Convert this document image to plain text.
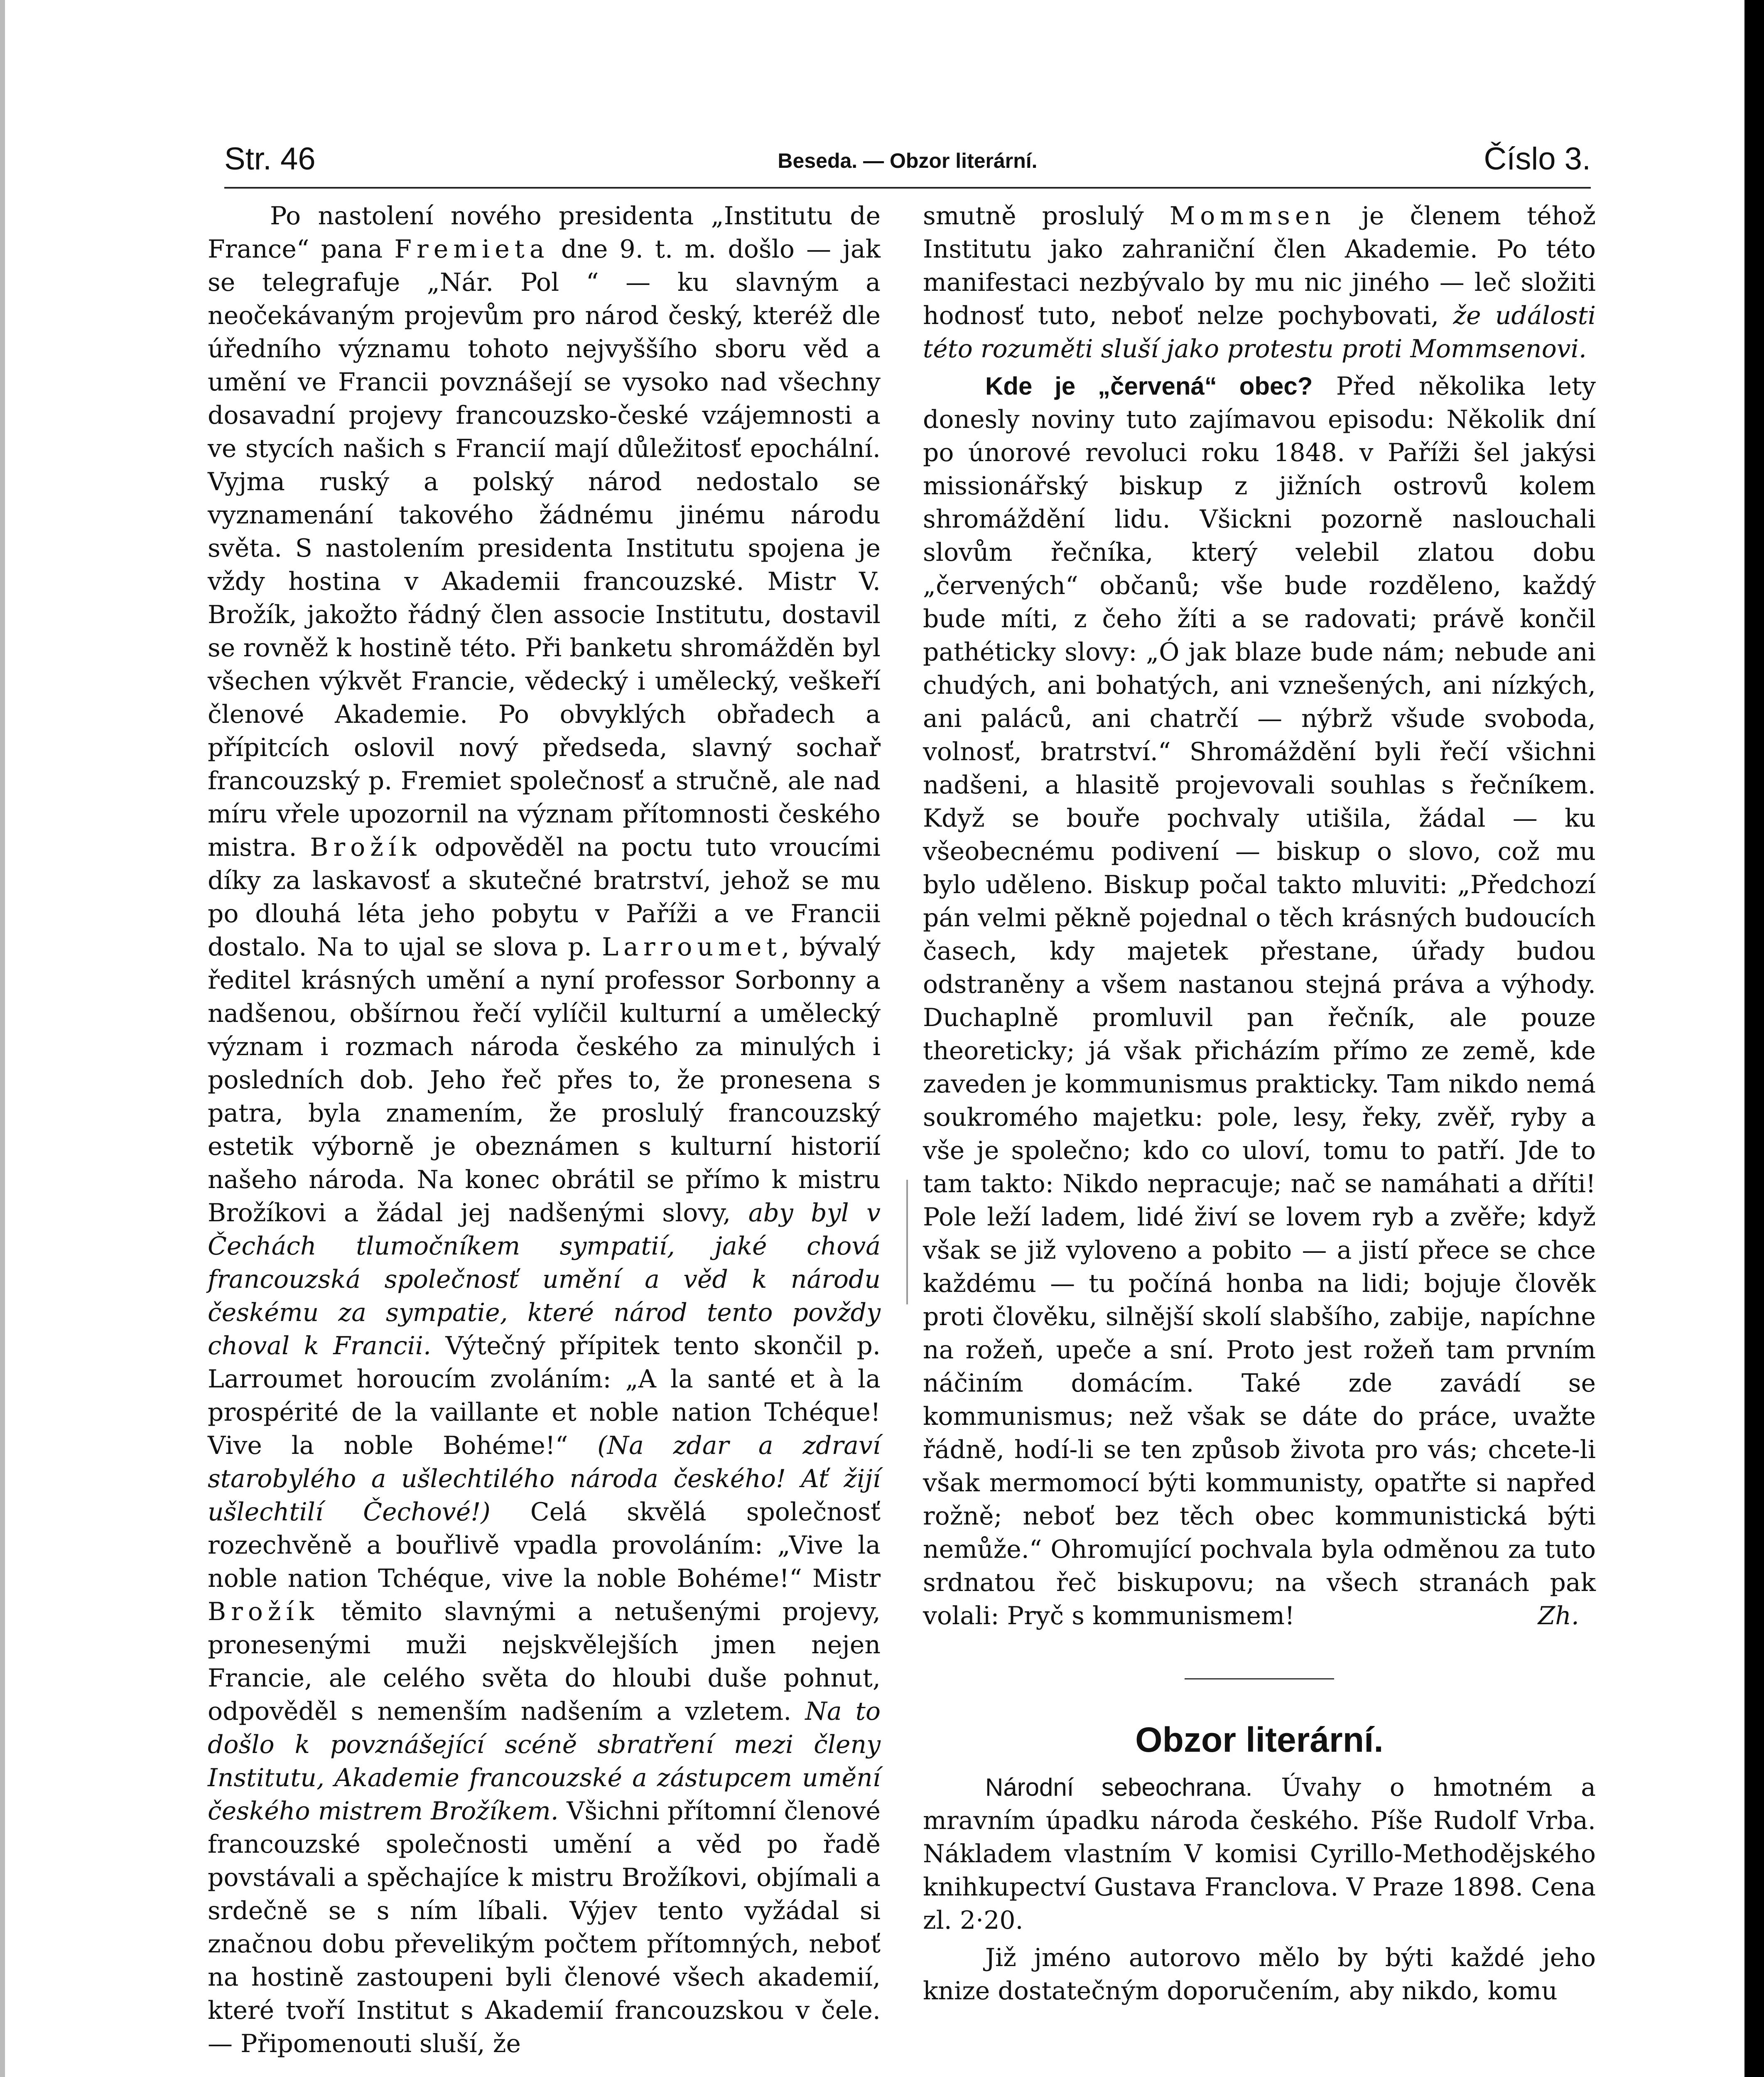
Str. 46	Beseda. — Obzor literární.	Číslo 3.

Po nastolení nového presidenta „Institutu de France“ pana Fremieta dne 9. t. m. došlo — jak se telegrafuje „Nár. Pol “ — ku slavným a neočekávaným projevům pro národ český, kteréž dle úředního významu tohoto nejvyššího sboru věd a umění ve Francii povznášejí se vysoko nad všechny dosavadní projevy francouzsko-české vzájemnosti a ve stycích našich s Francií mají důležitosť epochální. Vyjma ruský a polský národ nedostalo se vyznamenání takového žádnému jinému národu světa. S nastolením presidenta Institutu spojena je vždy hostina v Akademii francouzské. Mistr V. Brožík, jakožto řádný člen associe Institutu, dostavil se rovněž k hostině této. Při banketu shromážděn byl všechen výkvět Francie, vědecký i umělecký, veškeří členové Akademie. Po obvyklých obřadech a přípitcích oslovil nový předseda, slavný sochař francouzský p. Fremiet společnosť a stručně, ale nad míru vřele upozornil na význam přítomnosti českého mistra. Brožík odpověděl na poctu tuto vroucími díky za laskavosť a skutečné bratrství, jehož se mu po dlouhá léta jeho pobytu v Paříži a ve Francii dostalo. Na to ujal se slova p. Larroumet, bývalý ředitel krásných umění a nyní professor Sorbonny a nadšenou, obšírnou řečí vylíčil kulturní a umělecký význam i rozmach národa českého za minulých i posledních dob. Jeho řeč přes to, že pronesena s patra, byla znamením, že proslulý francouzský estetik výborně je obeznámen s kulturní historií našeho národa. Na konec obrátil se přímo k mistru Brožíkovi a žádal jej nadšenými slovy, aby byl v Čechách tlumočníkem sympatií, jaké chová francouzská společnosť umění a věd k národu českému za sympatie, které národ tento povždy choval k Francii. Výtečný přípitek tento skončil p. Larroumet horoucím zvoláním: „A la santé et à la prospérité de la vaillante et noble nation Tchéque! Vive la noble Bohéme!“ (Na zdar a zdraví starobylého a ušlechtilého národa českého! Ať žijí ušlechtilí Čechové!) Celá skvělá společnosť rozechvěně a bouřlivě vpadla provoláním: „Vive la noble nation Tchéque, vive la noble Bohéme!“ Mistr Brožík těmito slavnými a netušenými projevy, pronesenými muži nejskvělejších jmen nejen Francie, ale celého světa do hloubi duše pohnut, odpověděl s nemenším nadšením a vzletem. Na to došlo k povznášející scéně sbratření mezi členy Institutu, Akademie francouzské a zástupcem umění českého mistrem Brožíkem. Všichni přítomní členové francouzské společnosti umění a věd po řadě povstávali a spěchajíce k mistru Brožíkovi, objímali a srdečně se s ním líbali. Výjev tento vyžádal si značnou dobu převelikým počtem přítomných, neboť na hostině zastoupeni byli členové všech akademií, které tvoří Institut s Akademií francouzskou v čele. — Připomenouti sluší, že

smutně proslulý Mommsen je členem téhož Institutu jako zahraniční člen Akademie. Po této manifestaci nezbývalo by mu nic jiného — leč složiti hodnosť tuto, neboť nelze pochybovati, že události této rozuměti sluší jako protestu proti Mommsenovi.

Kde je „červená“ obec? Před několika lety donesly noviny tuto zajímavou episodu: Několik dní po únorové revoluci roku 1848. v Paříži šel jakýsi missionářský biskup z jižních ostrovů kolem shromáždění lidu. Všickni pozorně naslouchali slovům řečníka, který velebil zlatou dobu „červených“ občanů; vše bude rozděleno, každý bude míti, z čeho žíti a se radovati; právě končil pathéticky slovy: „Ó jak blaze bude nám; nebude ani chudých, ani bohatých, ani vznešených, ani nízkých, ani paláců, ani chatrčí — nýbrž všude svoboda, volnosť, bratrství.“ Shromáždění byli řečí všichni nadšeni, a hlasitě projevovali souhlas s řečníkem. Když se bouře pochvaly utišila, žádal — ku všeobecnému podivení — biskup o slovo, což mu bylo uděleno. Biskup počal takto mluviti: „Předchozí pán velmi pěkně pojednal o těch krásných budoucích časech, kdy majetek přestane, úřady budou odstraněny a všem nastanou stejná práva a výhody. Duchaplně promluvil pan řečník, ale pouze theoreticky; já však přicházím přímo ze země, kde zaveden je kommunismus prakticky. Tam nikdo nemá soukromého majetku: pole, lesy, řeky, zvěř, ryby a vše je společno; kdo co uloví, tomu to patří. Jde to tam takto: Nikdo nepracuje; nač se namáhati a dříti! Pole leží ladem, lidé živí se lovem ryb a zvěře; když však se již vyloveno a pobito — a jistí přece se chce každému — tu počíná honba na lidi; bojuje člověk proti člověku, silnější skolí slabšího, zabije, napíchne na rožeň, upeče a sní. Proto jest rožeň tam prvním náčiním domácím. Také zde zavádí se kommunismus; než však se dáte do práce, uvažte řádně, hodí-li se ten způsob života pro vás; chcete-li však mermomocí býti kommunisty, opatřte si napřed rožně; neboť bez těch obec kommunistická býti nemůže.“ Ohromující pochvala byla odměnou za tuto srdnatou řeč biskupovu; na všech stranách pak volali: Pryč s kommunismem!	Zh.

Obzor literární.

Národní sebeochrana. Úvahy o hmotném a mravním úpadku národa českého. Píše Rudolf Vrba. Nákladem vlastním V komisi Cyrillo-Methodějského knihkupectví Gustava Franclova. V Praze 1898. Cena zl. 2·20.

Již jméno autorovo mělo by býti každé jeho knize dostatečným doporučením, aby nikdo, komu
